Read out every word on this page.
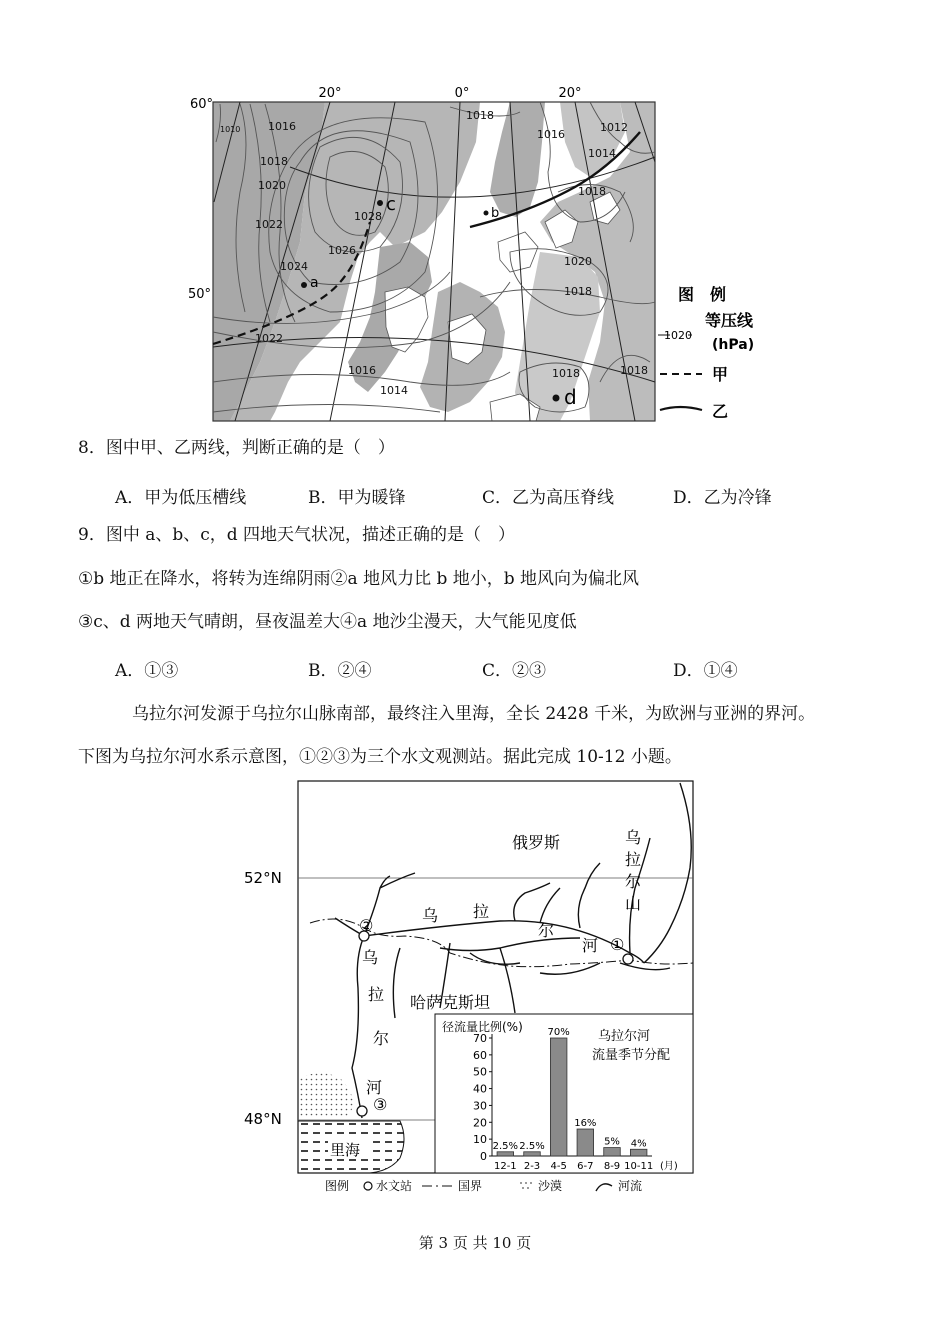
20°	0°	20°
60°
50°
1010	1016
1018
1020
1022
1024
1026
1028
1022
1016
1014
1018
1016
1014
1012
1018
1020
1018
1018	1018
c	b
a
d
图　例
1020
等压线
(hPa)
甲
乙
8．图中甲、乙两线，判断正确的是（　）
A．甲为低压槽线	B．甲为暖锋	C．乙为高压脊线	D．乙为冷锋
9．图中 a、b、c，d 四地天气状况，描述正确的是（　）
①b 地正在降水，将转为连绵阴雨②a 地风力比 b 地小，b 地风向为偏北风
③c、d 两地天气晴朗，昼夜温差大④a 地沙尘漫天，大气能见度低
A．①③	B．②④	C．②③	D．①④
乌拉尔河发源于乌拉尔山脉南部，最终注入里海，全长 2428 千米，为欧洲与亚洲的界河。
下图为乌拉尔河水系示意图，①②③为三个水文观测站。据此完成 10-12 小题。
52°N
48°N
里海
②
①
③
俄罗斯
哈萨克斯坦
乌
拉
尔
山
乌 拉
尔
河
乌
拉
尔
河
径流量比例(%)
乌拉尔河
流量季节分配
0
10
20
30
40
50
60
70
2.5%
12-1
2.5%
2-3
70%
4-5
16%
6-7
5%
8-9
4%
10-11 (月)
图例 水文站	国界	沙漠	河流
第 3 页 共 10 页
